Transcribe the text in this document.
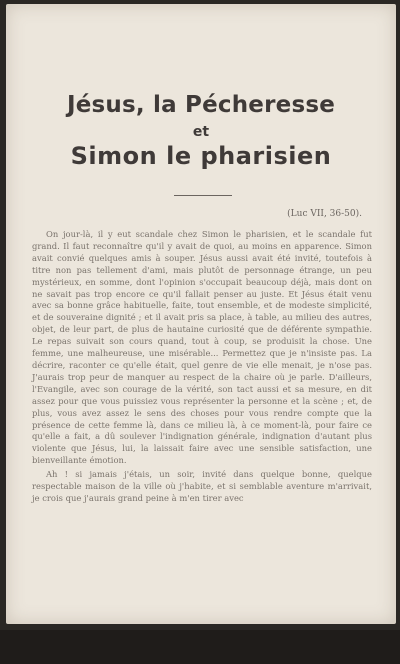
Jésus, la Pécheresse
et
Simon le pharisien
(Luc VII, 36-50).

On jour-là, il y eut scandale chez Simon le pharisien, et le scandale fut grand. Il faut reconnaître qu'il y avait de quoi, au moins en apparence. Simon avait convié quelques amis à souper. Jésus aussi avait été invité, toutefois à titre non pas tellement d'ami, mais plutôt de personnage étrange, un peu mystérieux, en somme, dont l'opinion s'occupait beaucoup déjà, mais dont on ne savait pas trop encore ce qu'il fallait penser au juste. Et Jésus était venu avec sa bonne grâce habituelle, faite, tout ensemble, et de modeste simplicité, et de souveraine dignité ; et il avait pris sa place, à table, au milieu des autres, objet, de leur part, de plus de hautaine curiosité que de déférente sympathie. Le repas suivait son cours quand, tout à coup, se produisit la chose. Une femme, une malheureuse, une misérable... Permettez que je n'insiste pas. La décrire, raconter ce qu'elle était, quel genre de vie elle menait, je n'ose pas. J'aurais trop peur de manquer au respect de la chaire où je parle. D'ailleurs, l'Evangile, avec son courage de la vérité, son tact aussi et sa mesure, en dit assez pour que vous puissiez vous représenter la personne et la scène ; et, de plus, vous avez assez le sens des choses pour vous rendre compte que la présence de cette femme là, dans ce milieu là, à ce moment-là, pour faire ce qu'elle a fait, a dû soulever l'indignation générale, indignation d'autant plus violente que Jésus, lui, la laissait faire avec une sensible satisfaction, une bienveillante émotion.

Ah ! si jamais j'étais, un soir, invité dans quelque bonne, quelque respectable maison de la ville où j'habite, et si semblable aventure m'arrivait, je crois que j'aurais grand peine à m'en tirer avec
